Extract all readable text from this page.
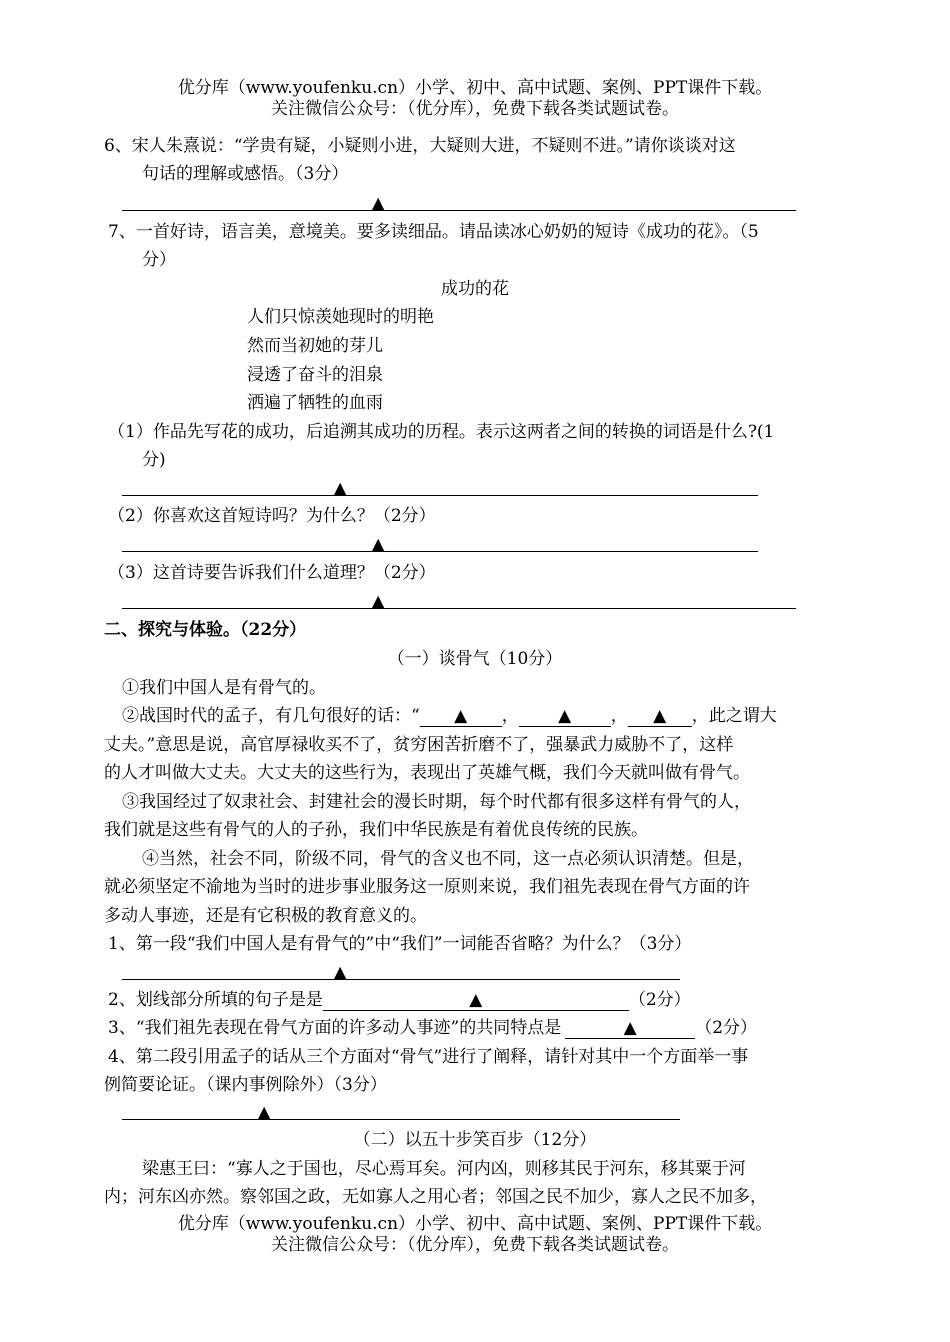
优分库（www.youfenku.cn）小学、初中、高中试题、案例、PPT课件下载。
关注微信公众号：（优分库），免费下载各类试题试卷。
6、宋人朱熹说：“学贵有疑，小疑则小进，大疑则大进，不疑则不进。”请你谈谈对这
句话的理解或感悟。（3分）
▲
7、一首好诗，语言美，意境美。要多读细品。请品读冰心奶奶的短诗《成功的花》。（5
分）
成功的花
人们只惊羡她现时的明艳
然而当初她的芽儿
浸透了奋斗的泪泉
洒遍了牺牲的血雨
（1）作品先写花的成功，后追溯其成功的历程。表示这两者之间的转换的词语是什么?(1
分)
▲
（2）你喜欢这首短诗吗？为什么？（2分）
▲
（3）这首诗要告诉我们什么道理？（2分）
▲
二、探究与体验。（22分）
（一）谈骨气（10分）
①我们中国人是有骨气的。
②战国时代的孟子，有几句很好的话：“ ▲ ， ▲ ， ▲ ，此之谓大
丈夫。”意思是说，高官厚禄收买不了，贫穷困苦折磨不了，强暴武力威胁不了，这样
的人才叫做大丈夫。大丈夫的这些行为，表现出了英雄气概，我们今天就叫做有骨气。
③我国经过了奴隶社会、封建社会的漫长时期，每个时代都有很多这样有骨气的人，
我们就是这些有骨气的人的子孙，我们中华民族是有着优良传统的民族。
④当然，社会不同，阶级不同，骨气的含义也不同，这一点必须认识清楚。但是，
就必须坚定不渝地为当时的进步事业服务这一原则来说，我们祖先表现在骨气方面的许
多动人事迹，还是有它积极的教育意义的。
1、第一段“我们中国人是有骨气的”中“我们”一词能否省略？为什么？（3分）
▲
2、划线部分所填的句子是是	▲	（2分）
3、“我们祖先表现在骨气方面的许多动人事迹”的共同特点是	▲	（2分）
4、第二段引用孟子的话从三个方面对“骨气”进行了阐释，请针对其中一个方面举一事
例简要论证。（课内事例除外）（3分）
▲
（二）以五十步笑百步（12分）
梁惠王曰：“寡人之于国也，尽心焉耳矣。河内凶，则移其民于河东，移其粟于河
内；河东凶亦然。察邻国之政，无如寡人之用心者；邻国之民不加少，寡人之民不加多，
优分库（www.youfenku.cn）小学、初中、高中试题、案例、PPT课件下载。
关注微信公众号：（优分库），免费下载各类试题试卷。
